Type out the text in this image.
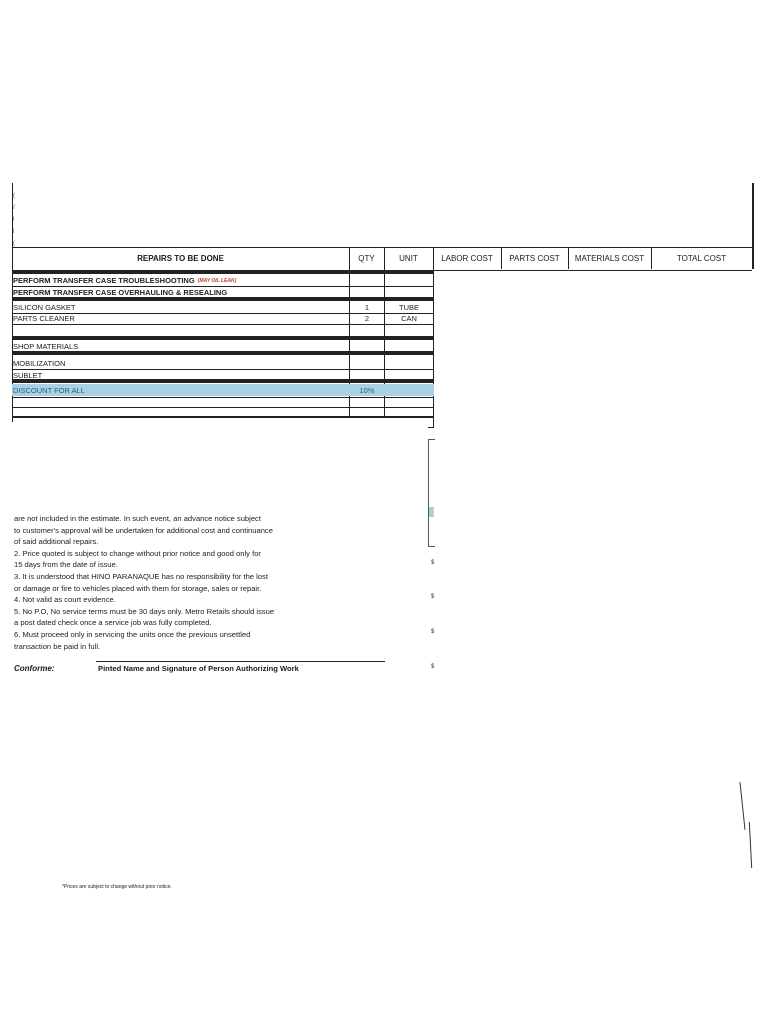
(
/
l
l
(
REPAIRS TO BE DONE	QTY	UNIT	LABOR COST	PARTS COST	MATERIALS COST	TOTAL COST
PERFORM TRANSFER CASE TROUBLESHOOTING (MAY OIL LEAK)
PERFORM TRANSFER CASE OVERHAULING & RESEALING
SILICON GASKET	1	TUBE
PARTS CLEANER	2	CAN
SHOP MATERIALS
MOBILIZATION
SUBLET
DISCOUNT FOR ALL	10%
are not included in the estimate. In such event, an advance notice subject
to customer's approval will be undertaken for additional cost and continuance
of said additional repairs.
2. Price quoted is subject to change without prior notice and good only for
15 days from the date of issue.
3. It is understood that HINO PARANAQUE has no responsibility for the lost
or damage or fire to vehicles placed with them for storage, sales or repair.
4. Not valid as court evidence.
5. No P.O, No service terms must be 30 days only. Metro Retails should issue
a post dated check once a service job was fully completed.
6. Must proceed only in servicing the units once the previous unsettled
transaction be paid in full.
$
$
$
$
Conforme:	Pinted Name and Signature of Person Authorizing Work
*Prices are subject to change without prior notice.
